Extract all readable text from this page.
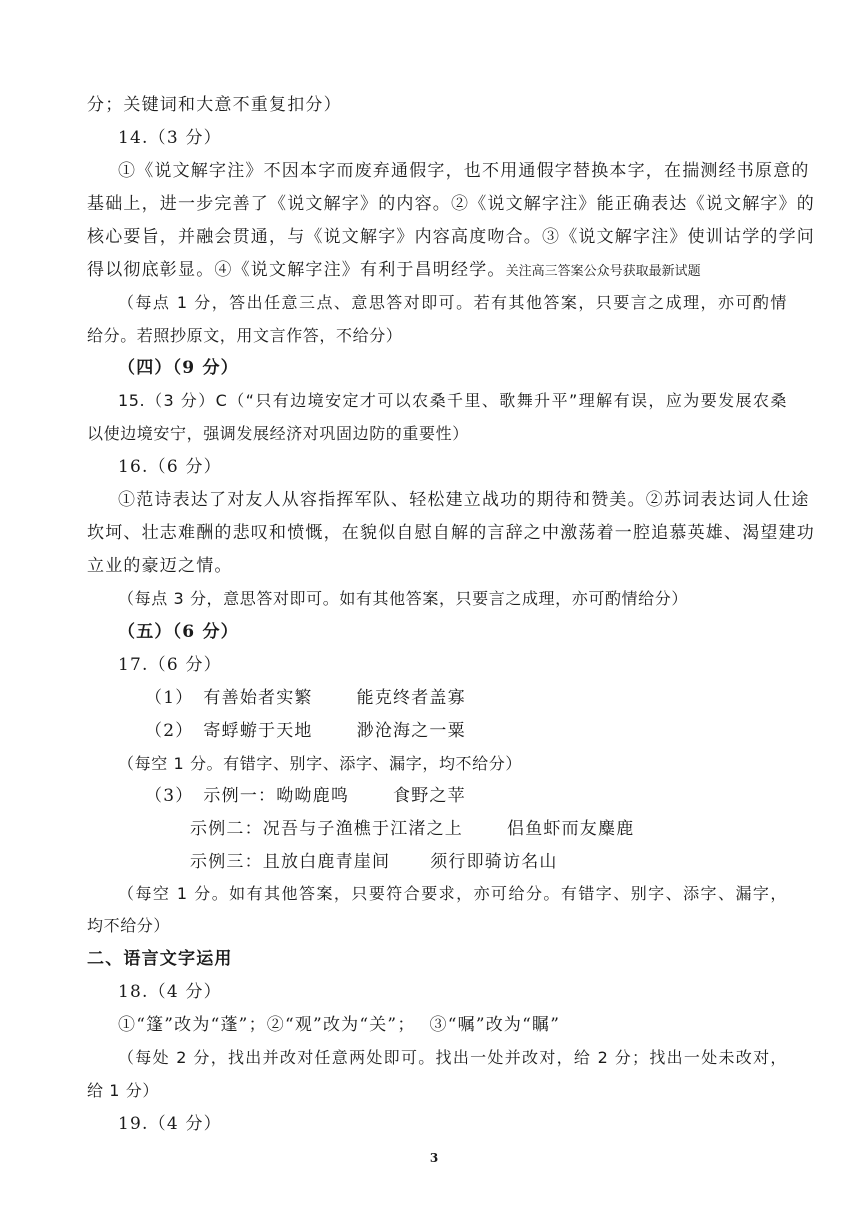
分；关键词和大意不重复扣分）
14.（3 分）
①《说文解字注》不因本字而废弃通假字，也不用通假字替换本字，在揣测经书原意的
基础上，进一步完善了《说文解字》的内容。②《说文解字注》能正确表达《说文解字》的
核心要旨，并融会贯通，与《说文解字》内容高度吻合。③《说文解字注》使训诂学的学问
得以彻底彰显。④《说文解字注》有利于昌明经学。关注高三答案公众号获取最新试题
（每点 1 分，答出任意三点、意思答对即可。若有其他答案，只要言之成理，亦可酌情
给分。若照抄原文，用文言作答，不给分）
（四）（9 分）
15.（3 分）C（“只有边境安定才可以农桑千里、歌舞升平”理解有误，应为要发展农桑
以使边境安宁，强调发展经济对巩固边防的重要性）
16.（6 分）
①范诗表达了对友人从容指挥军队、轻松建立战功的期待和赞美。②苏词表达词人仕途
坎坷、壮志难酬的悲叹和愤慨，在貌似自慰自解的言辞之中激荡着一腔追慕英雄、渴望建功
立业的豪迈之情。
（每点 3 分，意思答对即可。如有其他答案，只要言之成理，亦可酌情给分）
（五）（6 分）
17.（6 分）
（1） 有善始者实繁	能克终者盖寡
（2） 寄蜉蝣于天地	渺沧海之一粟
（每空 1 分。有错字、别字、添字、漏字，均不给分）
（3） 示例一：呦呦鹿鸣	食野之苹
示例二：况吾与子渔樵于江渚之上	侣鱼虾而友麋鹿
示例三：且放白鹿青崖间 须行即骑访名山
（每空 1 分。如有其他答案，只要符合要求，亦可给分。有错字、别字、添字、漏字，
均不给分）
二、语言文字运用
18.（4 分）
①“篷”改为“蓬”；②“观”改为“关”； ③“嘱”改为“瞩”
（每处 2 分，找出并改对任意两处即可。找出一处并改对，给 2 分；找出一处未改对，
给 1 分）
19.（4 分）
3
